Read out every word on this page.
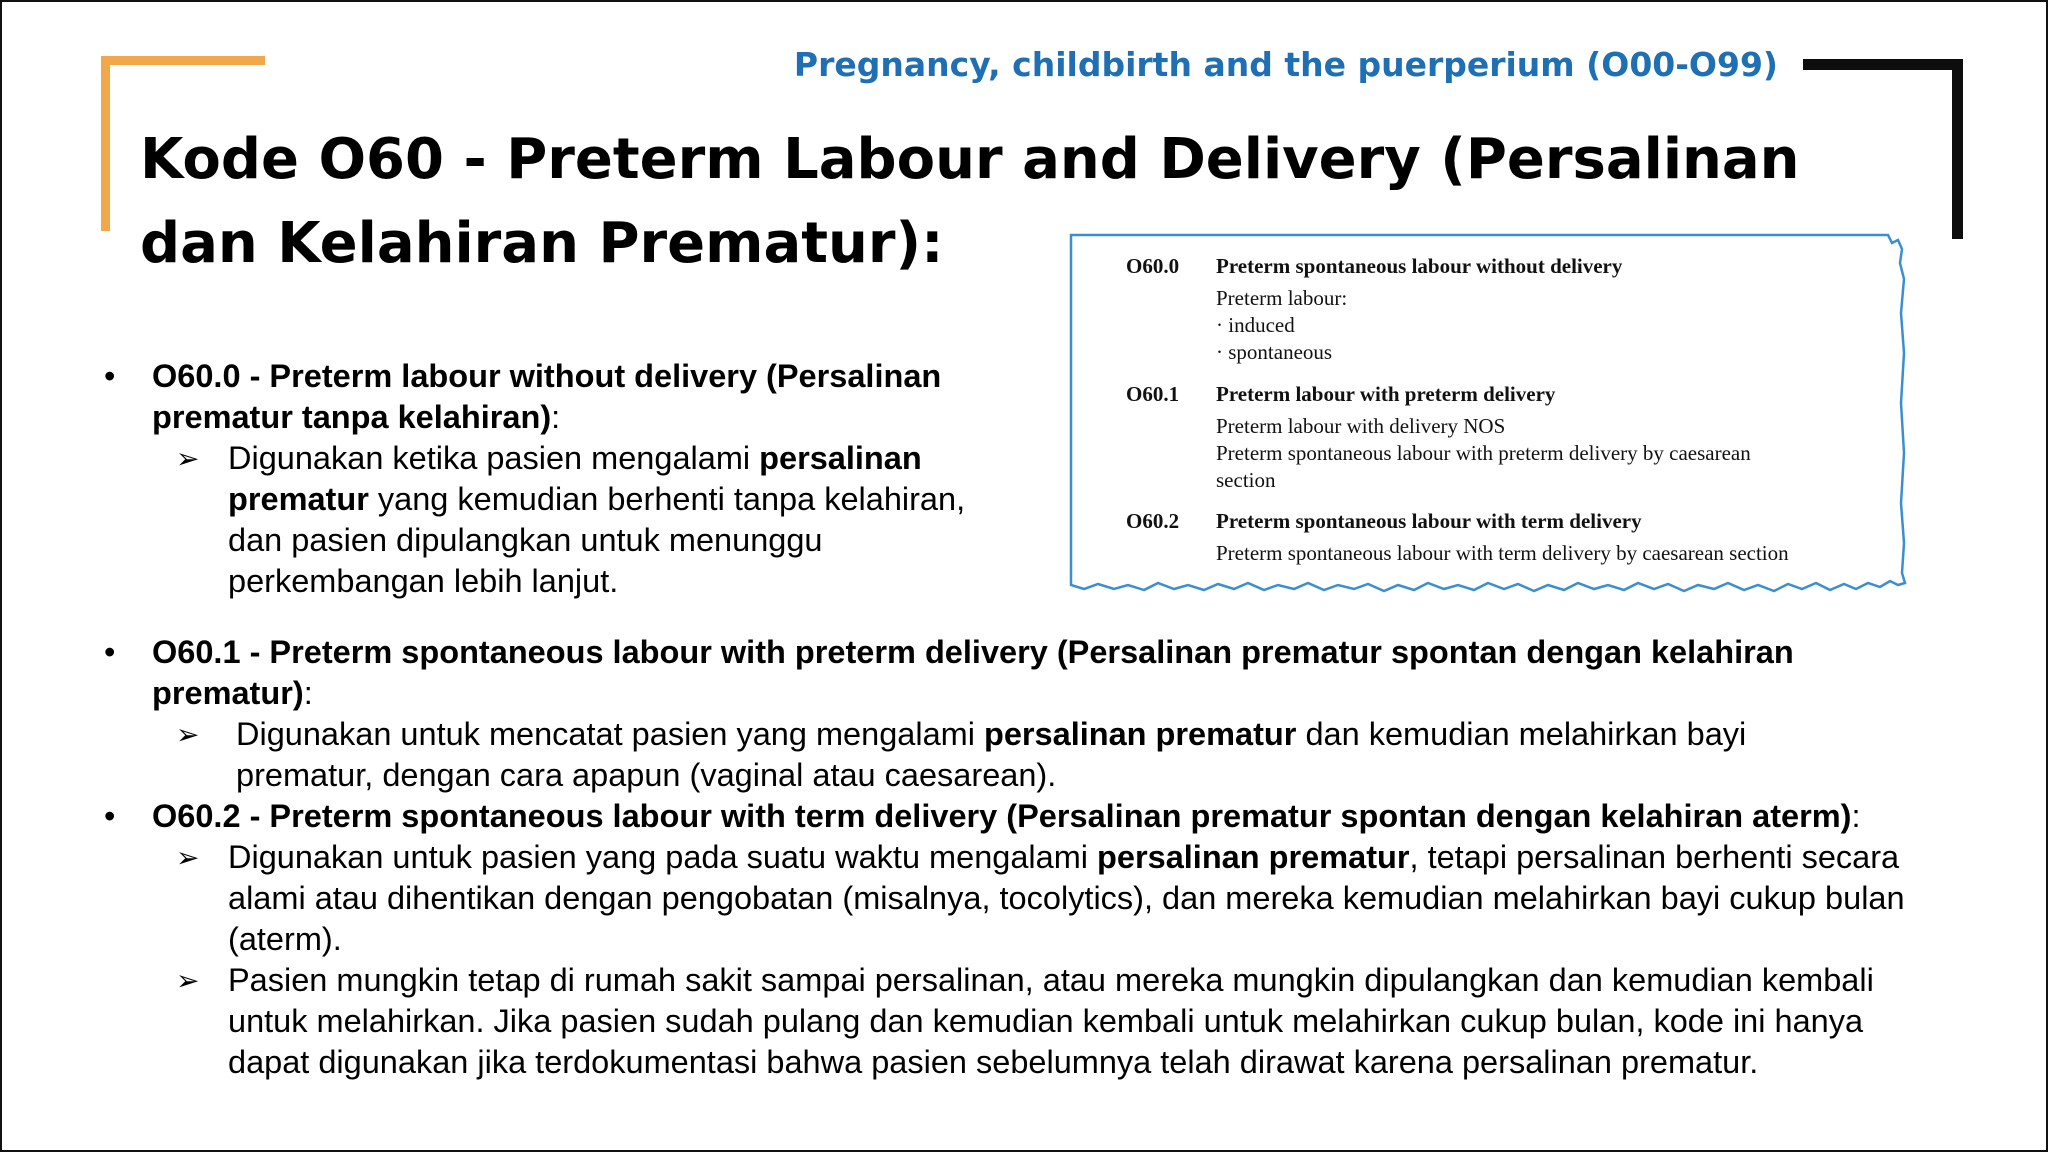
Pregnancy, childbirth and the puerperium (O00-O99)
Kode O60 - Preterm Labour and Delivery (Persalinan dan Kelahiran Prematur):	O60.0 Preterm spontaneous labour without delivery
Preterm labour:
· induced
· spontaneous
O60.1 Preterm labour with preterm delivery
Preterm labour with delivery NOS
Preterm spontaneous labour with preterm delivery by caesarean
section
O60.2 Preterm spontaneous labour with term delivery
Preterm spontaneous labour with term delivery by caesarean section
• O60.0 - Preterm labour without delivery (Persalinan prematur tanpa kelahiran):
➢ Digunakan ketika pasien mengalami persalinan prematur yang kemudian berhenti tanpa kelahiran, dan pasien dipulangkan untuk menunggu perkembangan lebih lanjut.
• O60.1 - Preterm spontaneous labour with preterm delivery (Persalinan prematur spontan dengan kelahiran prematur):
➢ Digunakan untuk mencatat pasien yang mengalami persalinan prematur dan kemudian melahirkan bayi prematur, dengan cara apapun (vaginal atau caesarean).
• O60.2 - Preterm spontaneous labour with term delivery (Persalinan prematur spontan dengan kelahiran aterm):
➢ Digunakan untuk pasien yang pada suatu waktu mengalami persalinan prematur, tetapi persalinan berhenti secara alami atau dihentikan dengan pengobatan (misalnya, tocolytics), dan mereka kemudian melahirkan bayi cukup bulan (aterm).
➢ Pasien mungkin tetap di rumah sakit sampai persalinan, atau mereka mungkin dipulangkan dan kemudian kembali untuk melahirkan. Jika pasien sudah pulang dan kemudian kembali untuk melahirkan cukup bulan, kode ini hanya dapat digunakan jika terdokumentasi bahwa pasien sebelumnya telah dirawat karena persalinan prematur.
